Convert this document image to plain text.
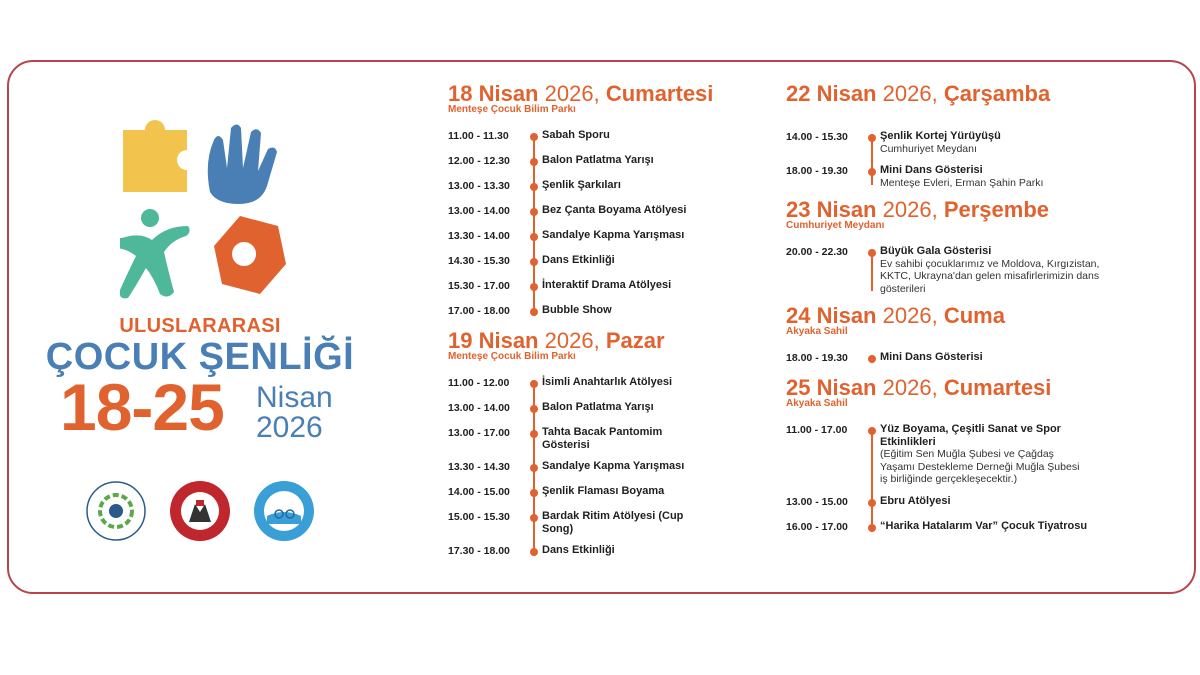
ULUSLARARASI
ÇOCUK ŞENLİĞİ
18-25 Nisan
2026
18 Nisan 2026, Cumartesi
Menteşe Çocuk Bilim Parkı
11.00 - 11.30	Sabah Sporu
12.00 - 12.30	Balon Patlatma Yarışı
13.00 - 13.30	Şenlik Şarkıları
13.00 - 14.00	Bez Çanta Boyama Atölyesi
13.30 - 14.00	Sandalye Kapma Yarışması
14.30 - 15.30	Dans Etkinliği
15.30 - 17.00	İnteraktif Drama Atölyesi
17.00 - 18.00	Bubble Show
19 Nisan 2026, Pazar
Menteşe Çocuk Bilim Parkı
11.00 - 12.00	İsimli Anahtarlık Atölyesi
13.00 - 14.00	Balon Patlatma Yarışı
13.00 - 17.00	Tahta Bacak Pantomim Gösterisi
13.30 - 14.30	Sandalye Kapma Yarışması
14.00 - 15.00	Şenlik Flaması Boyama
15.00 - 15.30	Bardak Ritim Atölyesi (Cup Song)
17.30 - 18.00	Dans Etkinliği
22 Nisan 2026, Çarşamba
14.00 - 15.30	Şenlik Kortej Yürüyüşü
Cumhuriyet Meydanı
18.00 - 19.30	Mini Dans Gösterisi
Menteşe Evleri, Erman Şahin Parkı
23 Nisan 2026, Perşembe
Cumhuriyet Meydanı
20.00 - 22.30	Büyük Gala Gösterisi
Ev sahibi çocuklarımız ve Moldova, Kırgızistan, KKTC, Ukrayna'dan gelen misafirlerimizin dans gösterileri
24 Nisan 2026, Cuma
Akyaka Sahil
18.00 - 19.30	Mini Dans Gösterisi
25 Nisan 2026, Cumartesi
Akyaka Sahil
11.00 - 17.00	Yüz Boyama, Çeşitli Sanat ve Spor Etkinlikleri
(Eğitim Sen Muğla Şubesi ve Çağdaş Yaşamı Destekleme Derneği Muğla Şubesi iş birliğinde gerçekleşecektir.)
13.00 - 15.00	Ebru Atölyesi
16.00 - 17.00	“Harika Hatalarım Var” Çocuk Tiyatrosu
